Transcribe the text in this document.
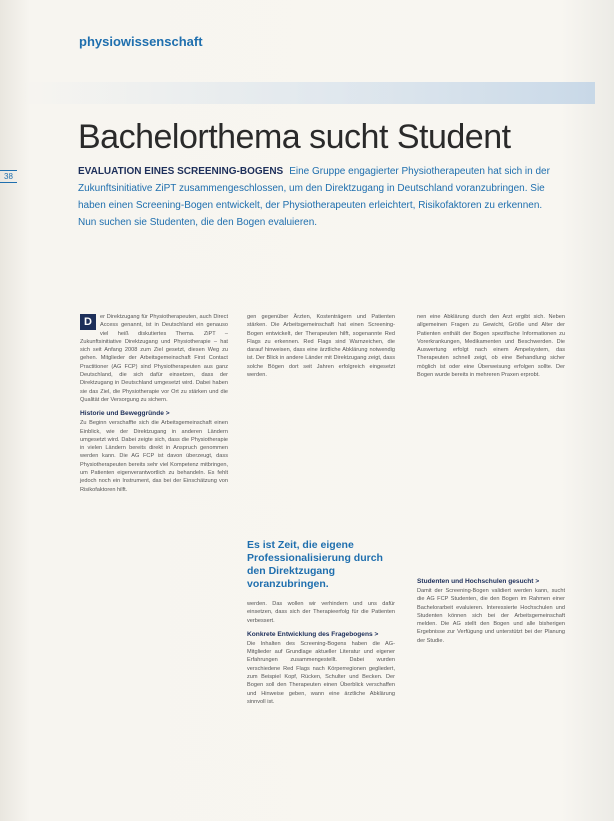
physiowissenschaft
38
Bachelorthema sucht Student
EVALUATION EINES SCREENING-BOGENS Eine Gruppe engagierter Physiotherapeuten hat sich in der Zukunftsinitiative ZiPT zusammengeschlossen, um den Direktzugang in Deutschland voranzubringen. Sie haben einen Screening-Bogen entwickelt, der Physiotherapeuten erleichtert, Risikofaktoren zu erkennen. Nun suchen sie Studenten, die den Bogen evaluieren.

D	er Direktzugang für Physiotherapeuten, auch Direct Access genannt, ist in Deutschland ein genauso viel heiß diskutiertes Thema. ZiPT – Zukunftsinitiative Direktzugang und Physiotherapie – hat sich seit Anfang 2008 zum Ziel gesetzt, diesen Weg zu gehen. Mitglieder der Arbeitsgemeinschaft First Contact Practitioner (AG FCP) sind Physiotherapeuten aus ganz Deutschland, die sich dafür einsetzen, dass der Direktzugang in Deutschland umgesetzt wird. Dabei haben sie das Ziel, die Physiotherapie vor Ort zu stärken und die Qualität der Versorgung zu sichern.

Historie und Beweggründe >

Zu Beginn verschaffte sich die Arbeitsgemeinschaft einen Einblick, wie der Direktzugang in anderen Ländern umgesetzt wird. Dabei zeigte sich, dass die Physiotherapie in vielen Ländern bereits direkt in Anspruch genommen werden kann. Die AG FCP ist davon überzeugt, dass Physiotherapeuten bereits sehr viel Kompetenz mitbringen, um Patienten eigenverantwortlich zu behandeln. Es fehlt jedoch noch ein Instrument, das bei der Einschätzung von Risikofaktoren hilft.

gen gegenüber Ärzten, Kostenträgern und Patienten stärken. Die Arbeitsgemeinschaft hat einen Screening-Bogen entwickelt, der Therapeuten hilft, sogenannte Red Flags zu erkennen. Red Flags sind Warnzeichen, die darauf hinweisen, dass eine ärztliche Abklärung notwendig ist. Der Blick in andere Länder mit Direktzugang zeigt, dass solche Bögen dort seit Jahren erfolgreich eingesetzt werden.

Es ist Zeit, die eigene Professionalisierung durch den Direktzugang voranzubringen.

werden. Das wollen wir verhindern und uns dafür einsetzen, dass sich der Therapieerfolg für die Patienten verbessert.

Konkrete Entwicklung des Fragebogens >

Die Inhalten des Screening-Bogens haben die AG-Mitglieder auf Grundlage aktueller Literatur und eigener Erfahrungen zusammengestellt. Dabei wurden verschiedene Red Flags nach Körperregionen gegliedert, zum Beispiel Kopf, Rücken, Schulter und Becken. Der Bogen soll den Therapeuten einen Überblick verschaffen und Hinweise geben, wann eine ärztliche Abklärung sinnvoll ist.

nen eine Abklärung durch den Arzt ergibt sich. Neben allgemeinen Fragen zu Gewicht, Größe und Alter der Patienten enthält der Bogen spezifische Informationen zu Vorerkrankungen, Medikamenten und Beschwerden. Die Auswertung erfolgt nach einem Ampelsystem, das Therapeuten schnell zeigt, ob eine Behandlung sicher möglich ist oder eine Überweisung erfolgen sollte. Der Bogen wurde bereits in mehreren Praxen erprobt.

Studenten und Hochschulen gesucht >

Damit der Screening-Bogen validiert werden kann, sucht die AG FCP Studenten, die den Bogen im Rahmen einer Bachelorarbeit evaluieren. Interessierte Hochschulen und Studenten können sich bei der Arbeitsgemeinschaft melden. Die AG stellt den Bogen und alle bisherigen Ergebnisse zur Verfügung und unterstützt bei der Planung der Studie.
